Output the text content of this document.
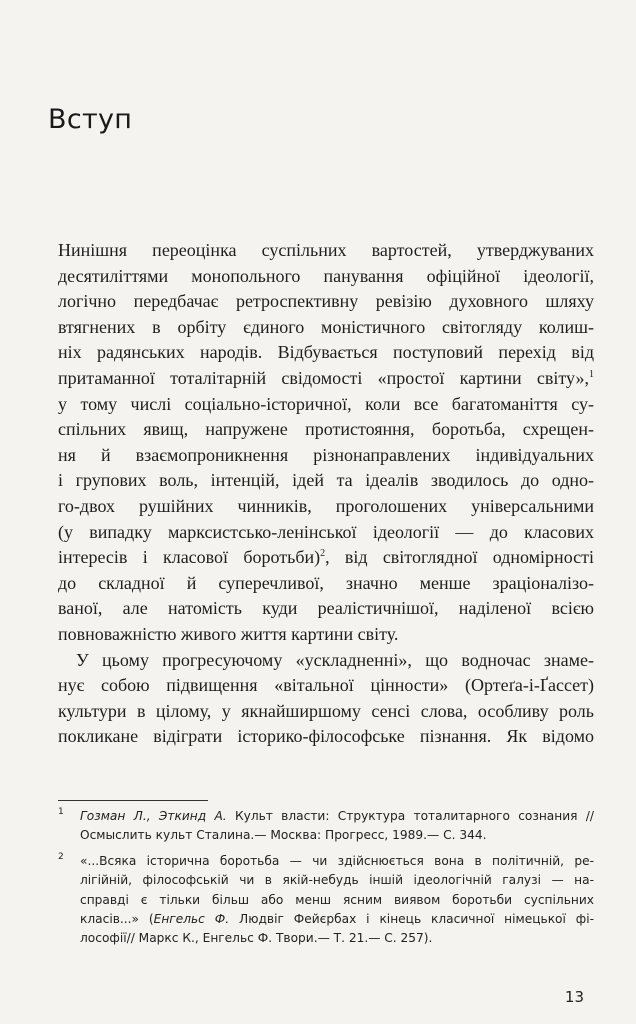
Вступ
Нинішня переоцінка суспільних вартостей, утверджуваних
десятиліттями монопольного панування офіційної ідеології,
логічно передбачає ретроспективну ревізію духовного шляху
втягнених в орбіту єдиного моністичного світогляду колиш-
ніх радянських народів. Відбувається поступовий перехід від
притаманної тоталітарній свідомості «простої картини світу»,$^1$
у тому числі соціально-історичної, коли все багатоманіття су-
спільних явищ, напружене протистояння, боротьба, схрещен-
ня й взаємопроникнення різнонаправлених індивідуальних
і групових воль, інтенцій, ідей та ідеалів зводилось до одно-
го-двох рушійних чинників, проголошених універсальними
(у випадку марксистсько-ленінської ідеології — до класових
інтересів і класової боротьби)$^2$, від світоглядної одномірності
до складної й суперечливої, значно менше зраціоналізо-
ваної, але натомість куди реалістичнішої, наділеної всією
повноважністю живого життя картини світу.
У цьому прогресуючому «ускладненні», що водночас знаме-
нує собою підвищення «вітальної цінности» (Ортеґа-і-Ґассет)
культури в цілому, у якнайширшому сенсі слова, особливу роль
покликане відіграти історико-філософське пізнання. Як відомо
1 Гозман Л., Эткинд А. Культ власти: Структура тоталитарного сознания //
Осмыслить культ Сталина.— Москва: Прогресс, 1989.— С. 344.
2 «...Всяка історична боротьба — чи здійснюється вона в політичній, ре-
лігійній, філософській чи в якій-небудь іншій ідеологічній галузі — на-
справді є тільки більш або менш ясним виявом боротьби суспільних
класів...» (Енгельс Ф. Людвіг Фейєрбах і кінець класичної німецької фі-
лософії// Маркс К., Енгельс Ф. Твори.— Т. 21.— С. 257).
13
